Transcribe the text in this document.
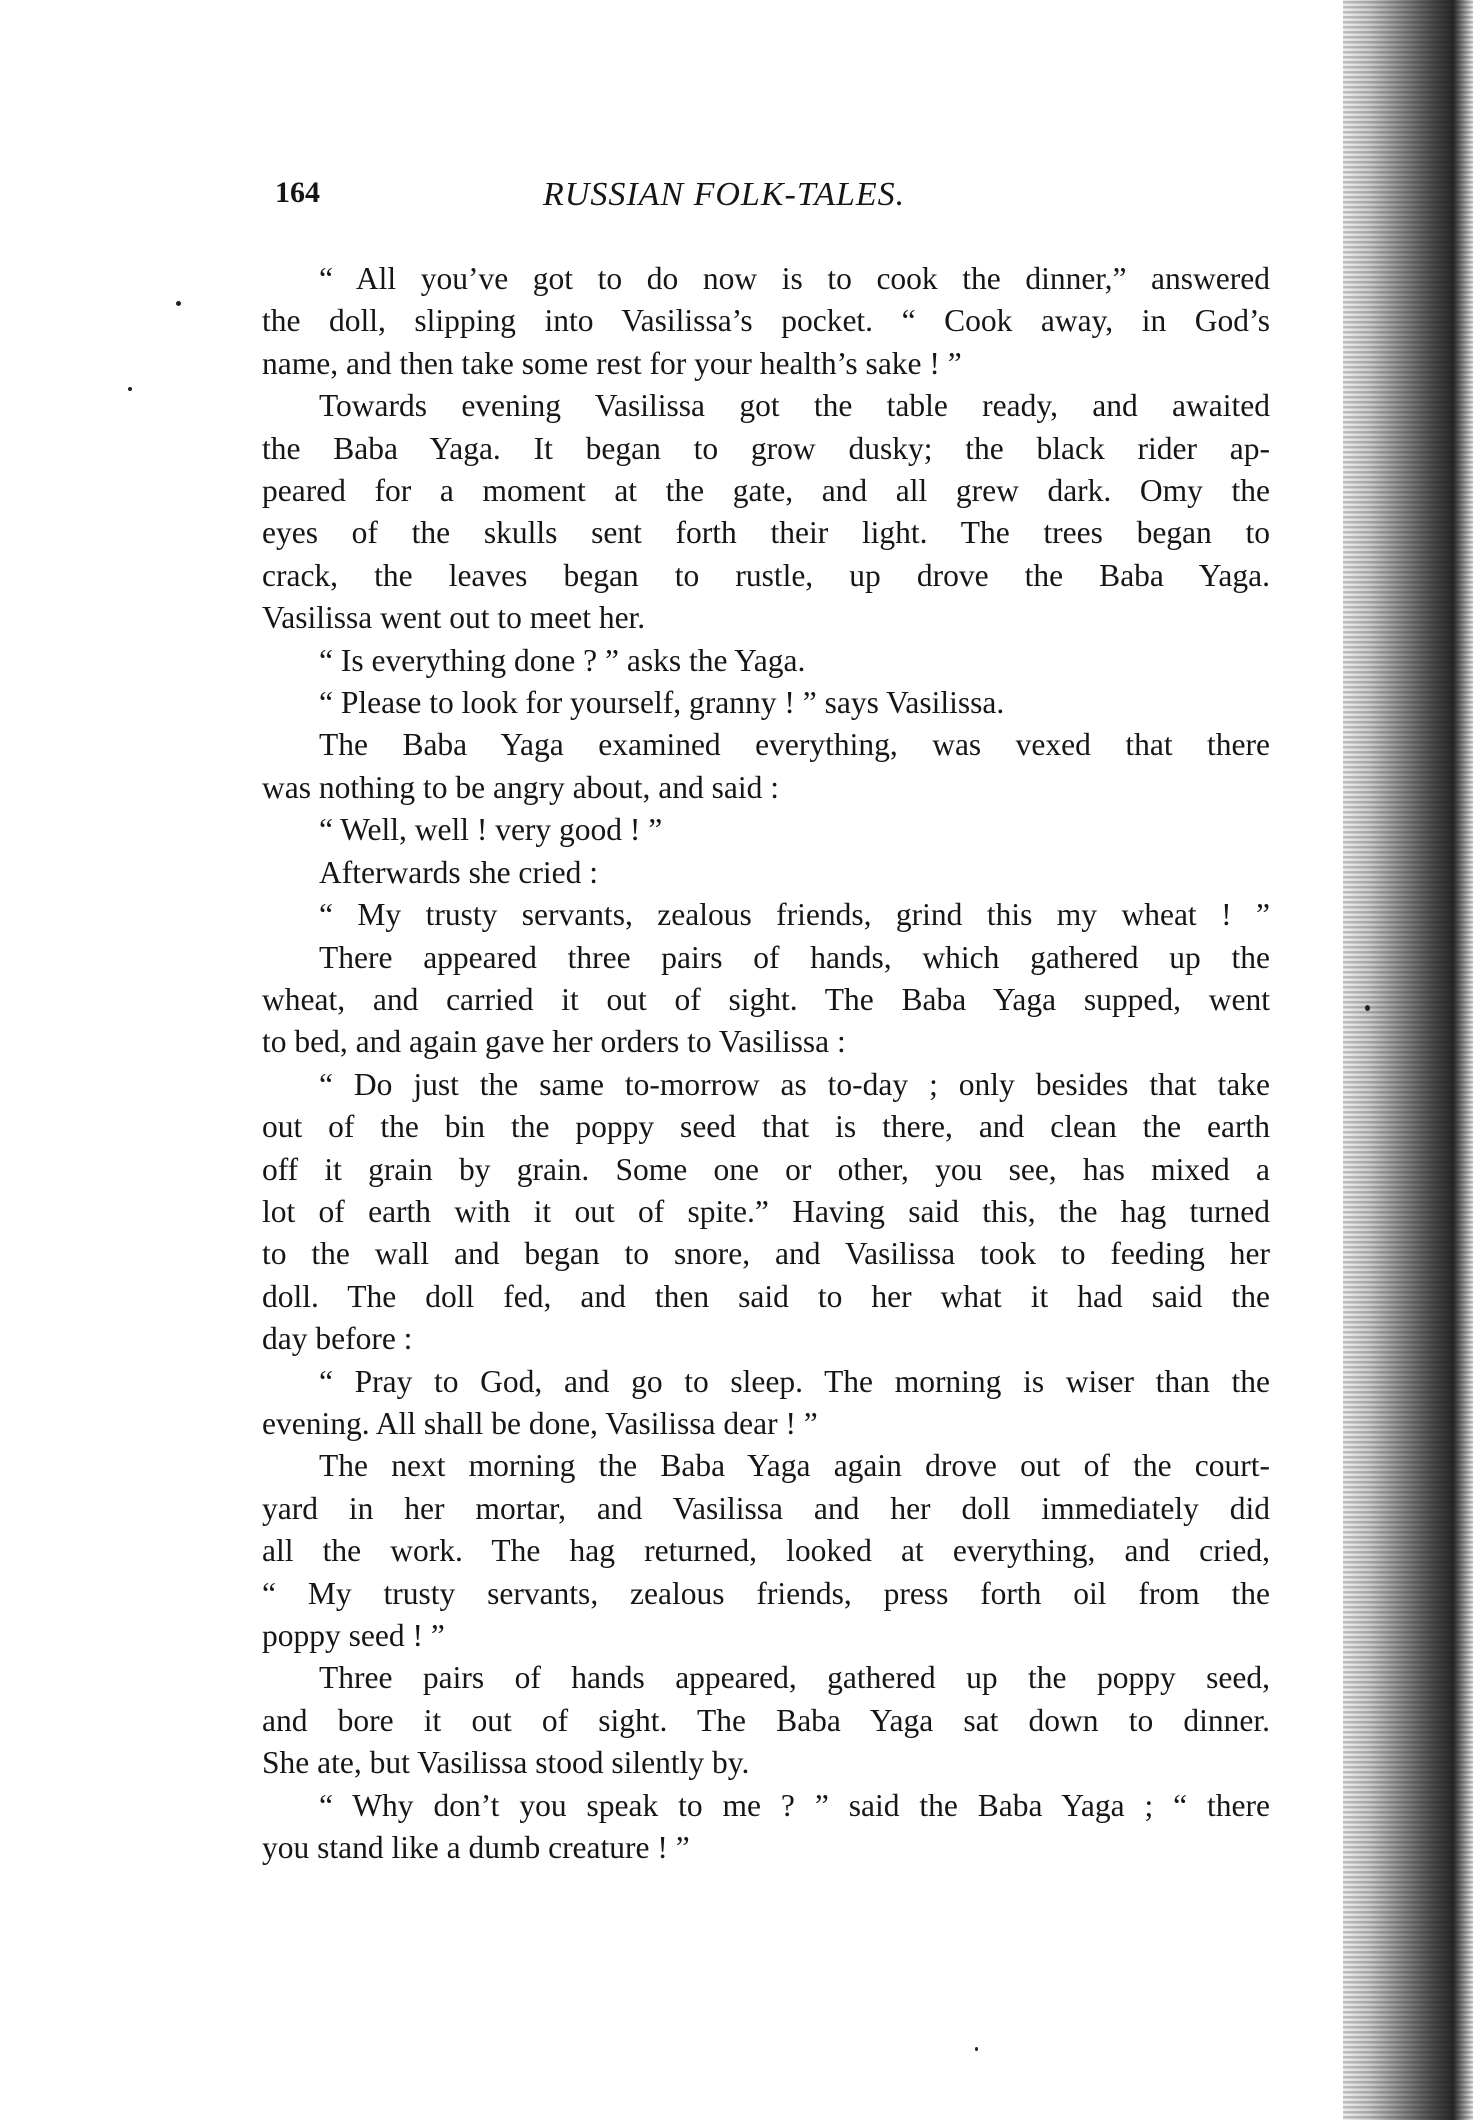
164	RUSSIAN FOLK-TALES.
“ All you’ve got to do now is to cook the dinner,” answered
the doll, slipping into Vasilissa’s pocket. “ Cook away, in God’s
name, and then take some rest for your health’s sake ! ”
Towards evening Vasilissa got the table ready, and awaited
the Baba Yaga. It began to grow dusky; the black rider ap-
peared for a moment at the gate, and all grew dark. Omy the
eyes of the skulls sent forth their light. The trees began to
crack, the leaves began to rustle, up drove the Baba Yaga.
Vasilissa went out to meet her.
“ Is everything done ? ” asks the Yaga.
“ Please to look for yourself, granny ! ” says Vasilissa.
The Baba Yaga examined everything, was vexed that there
was nothing to be angry about, and said :
“ Well, well ! very good ! ”
Afterwards she cried :
“ My trusty servants, zealous friends, grind this my wheat ! ”
There appeared three pairs of hands, which gathered up the
wheat, and carried it out of sight. The Baba Yaga supped, went
to bed, and again gave her orders to Vasilissa :
“ Do just the same to-morrow as to-day ; only besides that take
out of the bin the poppy seed that is there, and clean the earth
off it grain by grain. Some one or other, you see, has mixed a
lot of earth with it out of spite.” Having said this, the hag turned
to the wall and began to snore, and Vasilissa took to feeding her
doll. The doll fed, and then said to her what it had said the
day before :
“ Pray to God, and go to sleep. The morning is wiser than the
evening. All shall be done, Vasilissa dear ! ”
The next morning the Baba Yaga again drove out of the court-
yard in her mortar, and Vasilissa and her doll immediately did
all the work. The hag returned, looked at everything, and cried,
“ My trusty servants, zealous friends, press forth oil from the
poppy seed ! ”
Three pairs of hands appeared, gathered up the poppy seed,
and bore it out of sight. The Baba Yaga sat down to dinner.
She ate, but Vasilissa stood silently by.
“ Why don’t you speak to me ? ” said the Baba Yaga ; “ there
you stand like a dumb creature ! ”
